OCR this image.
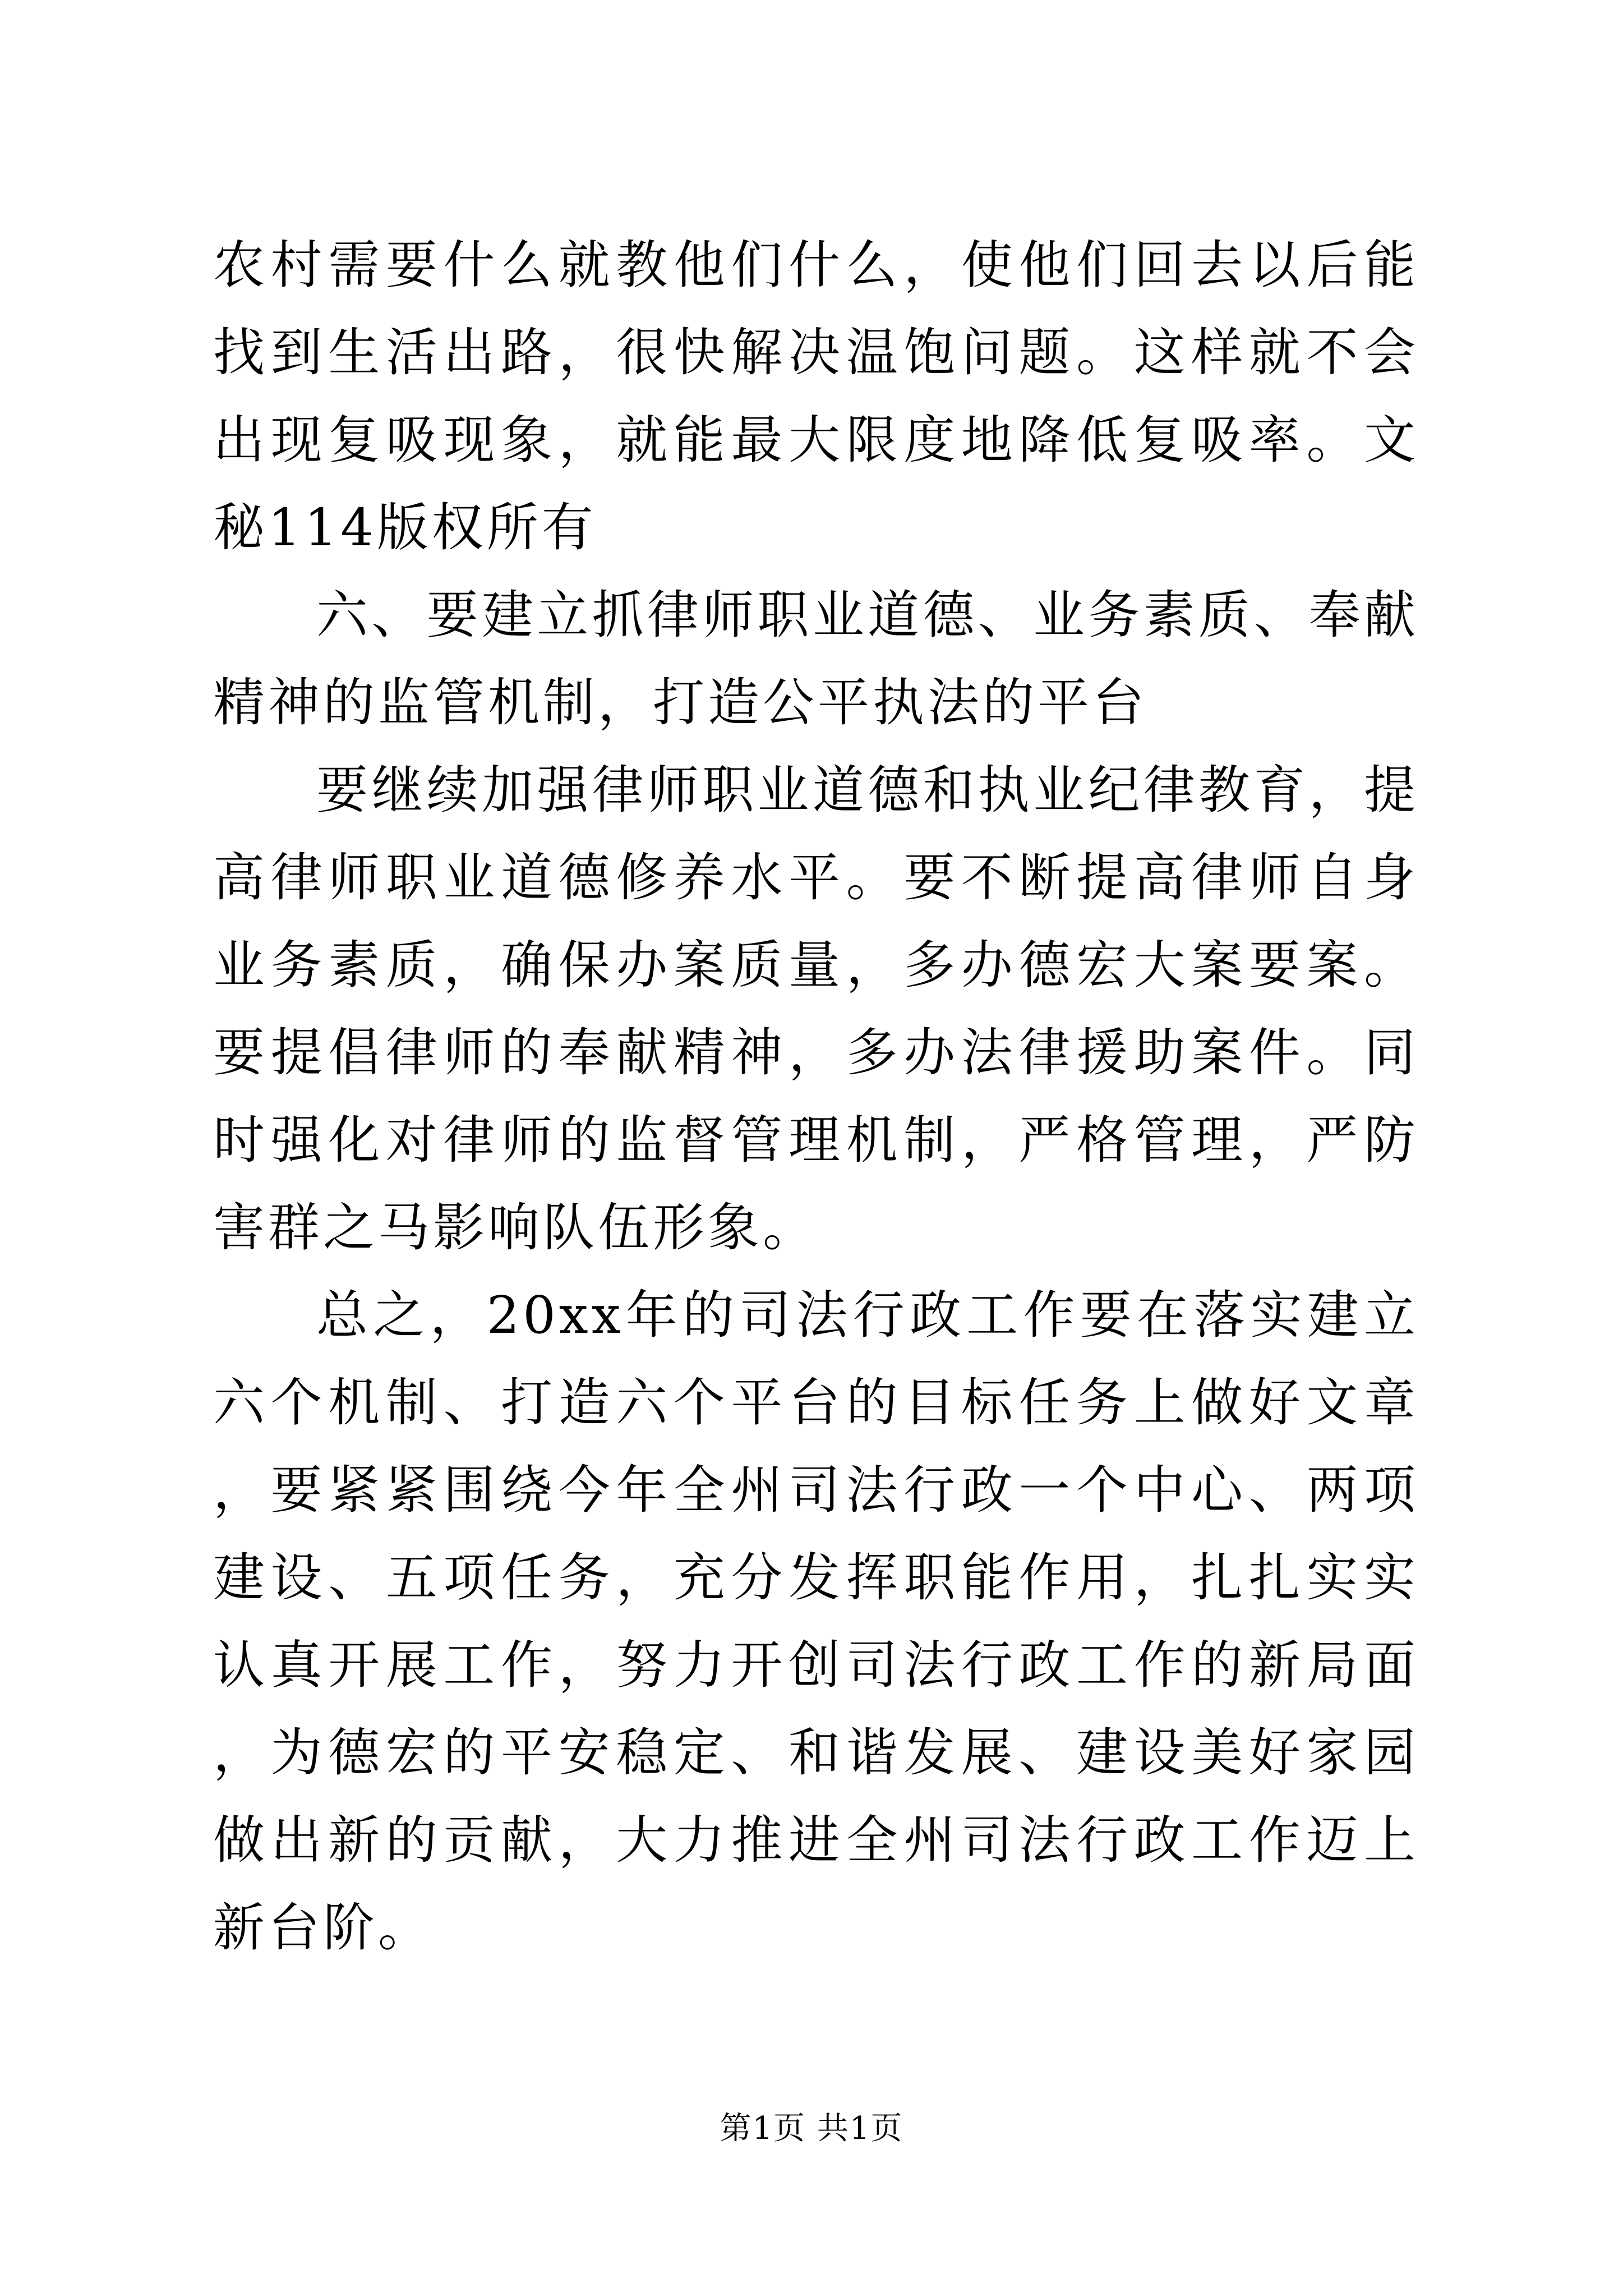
农村需要什么就教他们什么，使他们回去以后能找到生活出路，很快解决温饱问题。这样就不会出现复吸现象，就能最大限度地降低复吸率。文秘114版权所有

六、要建立抓律师职业道德、业务素质、奉献精神的监管机制，打造公平执法的平台

要继续加强律师职业道德和执业纪律教育，提高律师职业道德修养水平。要不断提高律师自身业务素质，确保办案质量，多办德宏大案要案。要提倡律师的奉献精神，多办法律援助案件。同时强化对律师的监督管理机制，严格管理，严防害群之马影响队伍形象。

总之，20xx年的司法行政工作要在落实建立六个机制、打造六个平台的目标任务上做好文章，要紧紧围绕今年全州司法行政一个中心、两项建设、五项任务，充分发挥职能作用，扎扎实实认真开展工作，努力开创司法行政工作的新局面，为德宏的平安稳定、和谐发展、建设美好家园做出新的贡献，大力推进全州司法行政工作迈上新台阶。

第1页 共1页
